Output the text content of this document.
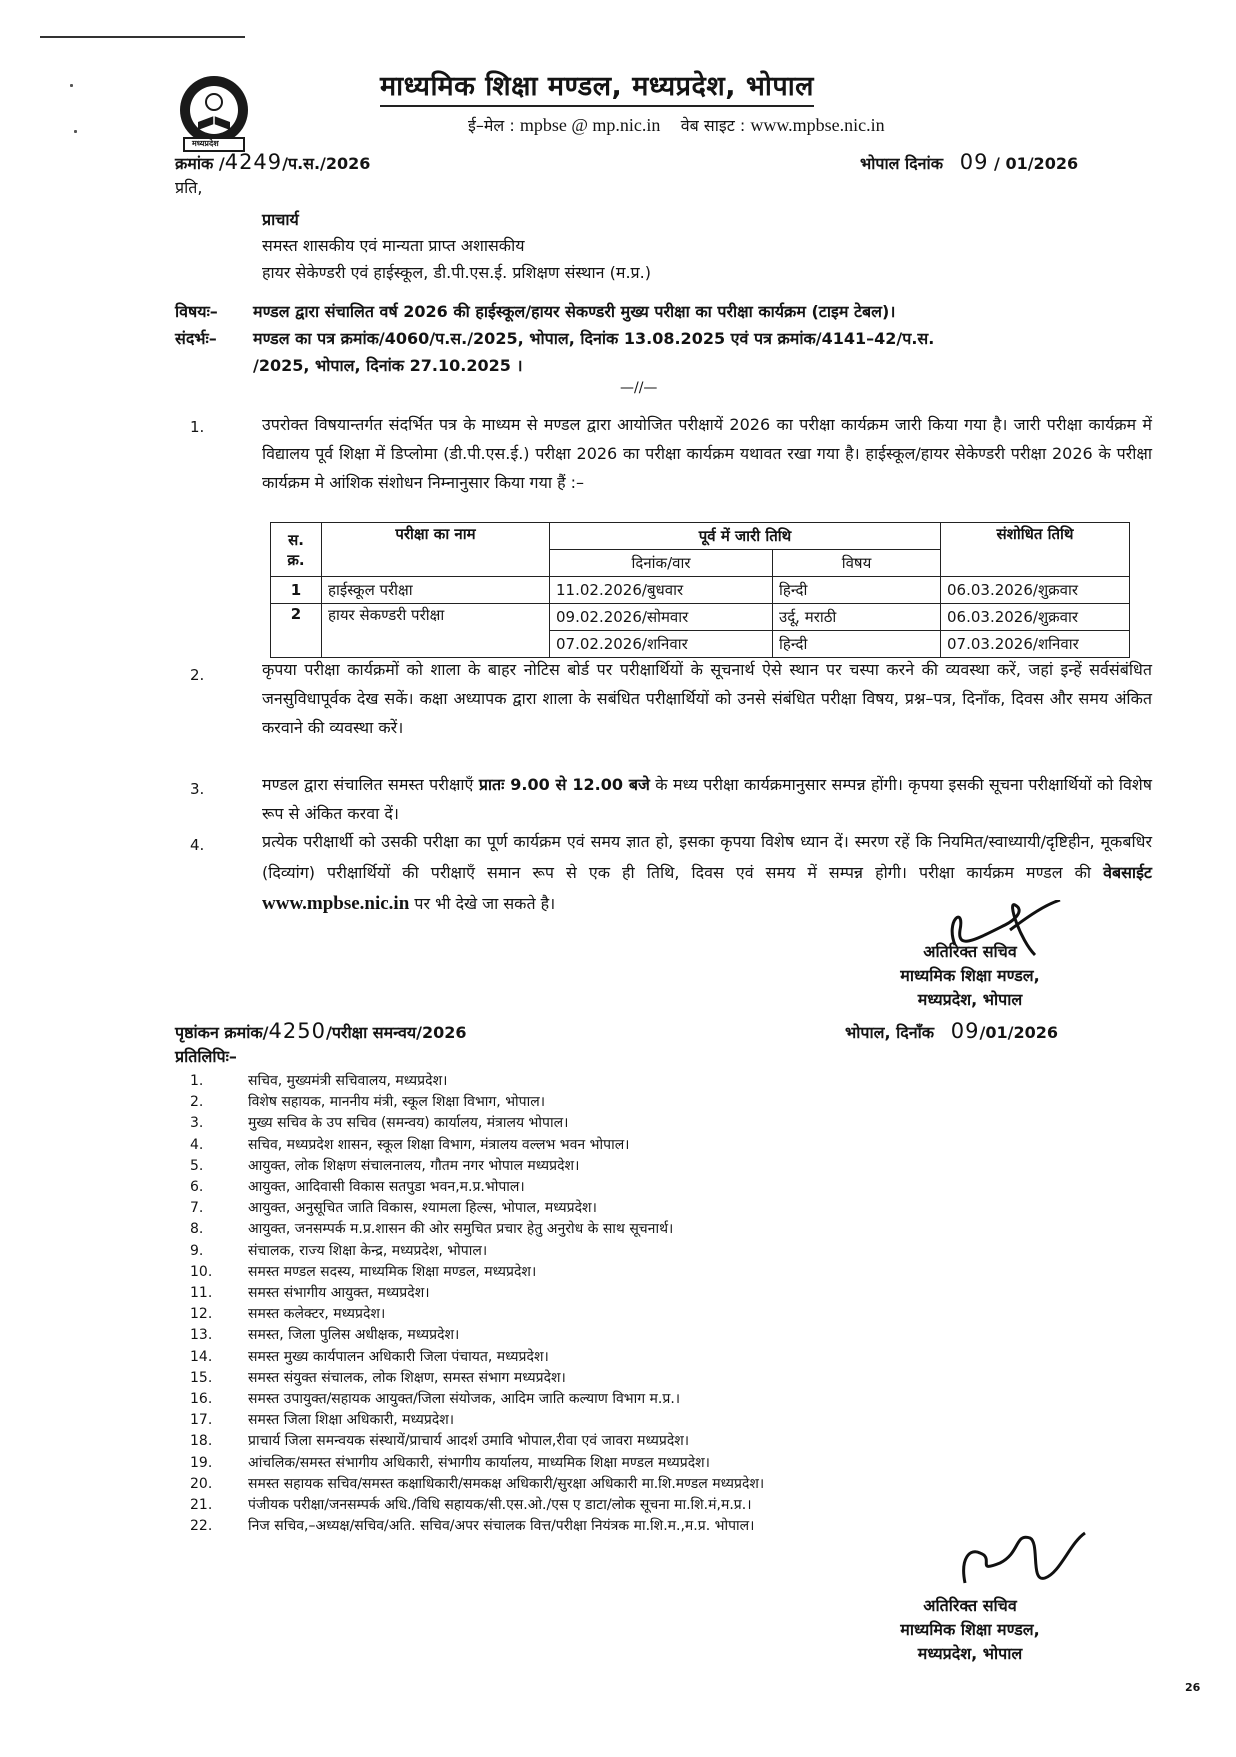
मध्यप्रदेश
माध्यमिक शिक्षा मण्डल, मध्यप्रदेश, भोपाल
ई–मेल : mpbse @ mp.nic.in वेब साइट : www.mpbse.nic.in
क्रमांक /4249/प.स./2026	भोपाल दिनांक 09 / 01/2026
प्रति,
प्राचार्य
समस्त शासकीय एवं मान्यता प्राप्त अशासकीय
हायर सेकेण्डरी एवं हाईस्कूल, डी.पी.एस.ई. प्रशिक्षण संस्थान (म.प्र.)
विषयः– मण्डल द्वारा संचालित वर्ष 2026 की हाईस्कूल/हायर सेकण्डरी मुख्य परीक्षा का परीक्षा कार्यक्रम (टाइम टेबल)।
संदर्भः– मण्डल का पत्र क्रमांक/4060/प.स./2025, भोपाल, दिनांक 13.08.2025 एवं पत्र क्रमांक/4141–42/प.स.
/2025, भोपाल, दिनांक 27.10.2025 ।
—//—
1.	उपरोक्त विषयान्तर्गत संदर्भित पत्र के माध्यम से मण्डल द्वारा आयोजित परीक्षायें 2026 का परीक्षा कार्यक्रम जारी किया गया है। जारी परीक्षा कार्यक्रम में विद्यालय पूर्व शिक्षा में डिप्लोमा (डी.पी.एस.ई.) परीक्षा 2026 का परीक्षा कार्यक्रम यथावत रखा गया है। हाईस्कूल/हायर सेकेण्डरी परीक्षा 2026 के परीक्षा कार्यक्रम मे आंशिक संशोधन निम्नानुसार किया गया हैं :–
स. क्र.	परीक्षा का नाम	पूर्व में जारी तिथि		संशोधित तिथि
		दिनांक/वार	विषय	
1	हाईस्कूल परीक्षा	11.02.2026/बुधवार	हिन्दी	06.03.2026/शुक्रवार
2	हायर सेकण्डरी परीक्षा	09.02.2026/सोमवार	उर्दू, मराठी	06.03.2026/शुक्रवार
		07.02.2026/शनिवार	हिन्दी	07.03.2026/शनिवार
2.	कृपया परीक्षा कार्यक्रमों को शाला के बाहर नोटिस बोर्ड पर परीक्षार्थियों के सूचनार्थ ऐसे स्थान पर चस्पा करने की व्यवस्था करें, जहां इन्हें सर्वसंबंधित जनसुविधापूर्वक देख सकें। कक्षा अध्यापक द्वारा शाला के सबंधित परीक्षार्थियों को उनसे संबंधित परीक्षा विषय, प्रश्न–पत्र, दिनाँक, दिवस और समय अंकित करवाने की व्यवस्था करें।
3.	मण्डल द्वारा संचालित समस्त परीक्षाएँ प्रातः 9.00 से 12.00 बजे के मध्य परीक्षा कार्यक्रमानुसार सम्पन्न होंगी। कृपया इसकी सूचना परीक्षार्थियों को विशेष रूप से अंकित करवा दें।
4.	प्रत्येक परीक्षार्थी को उसकी परीक्षा का पूर्ण कार्यक्रम एवं समय ज्ञात हो, इसका कृपया विशेष ध्यान दें। स्मरण रहें कि नियमित/स्वाध्यायी/दृष्टिहीन, मूकबधिर (दिव्यांग) परीक्षार्थियों की परीक्षाएँ समान रूप से एक ही तिथि, दिवस एवं समय में सम्पन्न होगी। परीक्षा कार्यक्रम मण्डल की वेबसाईट www.mpbse.nic.in पर भी देखे जा सकते है।
अतिरिक्त सचिव
माध्यमिक शिक्षा मण्डल,
मध्यप्रदेश, भोपाल
पृष्ठांकन क्रमांक/4250/परीक्षा समन्वय/2026	भोपाल, दिनाँक 09/01/2026
प्रतिलिपिः–
1.	सचिव, मुख्यमंत्री सचिवालय, मध्यप्रदेश।
2.	विशेष सहायक, माननीय मंत्री, स्कूल शिक्षा विभाग, भोपाल।
3.	मुख्य सचिव के उप सचिव (समन्वय) कार्यालय, मंत्रालय भोपाल।
4.	सचिव, मध्यप्रदेश शासन, स्कूल शिक्षा विभाग, मंत्रालय वल्लभ भवन भोपाल।
5.	आयुक्त, लोक शिक्षण संचालनालय, गौतम नगर भोपाल मध्यप्रदेश।
6.	आयुक्त, आदिवासी विकास सतपुडा भवन,म.प्र.भोपाल।
7.	आयुक्त, अनुसूचित जाति विकास, श्यामला हिल्स, भोपाल, मध्यप्रदेश।
8.	आयुक्त, जनसम्पर्क म.प्र.शासन की ओर समुचित प्रचार हेतु अनुरोध के साथ सूचनार्थ।
9.	संचालक, राज्य शिक्षा केन्द्र, मध्यप्रदेश, भोपाल।
10.	समस्त मण्डल सदस्य, माध्यमिक शिक्षा मण्डल, मध्यप्रदेश।
11.	समस्त संभागीय आयुक्त, मध्यप्रदेश।
12.	समस्त कलेक्टर, मध्यप्रदेश।
13.	समस्त, जिला पुलिस अधीक्षक, मध्यप्रदेश।
14.	समस्त मुख्य कार्यपालन अधिकारी जिला पंचायत, मध्यप्रदेश।
15.	समस्त संयुक्त संचालक, लोक शिक्षण, समस्त संभाग मध्यप्रदेश।
16.	समस्त उपायुक्त/सहायक आयुक्त/जिला संयोजक, आदिम जाति कल्याण विभाग म.प्र.।
17.	समस्त जिला शिक्षा अधिकारी, मध्यप्रदेश।
18.	प्राचार्य जिला समन्वयक संस्थायें/प्राचार्य आदर्श उमावि भोपाल,रीवा एवं जावरा मध्यप्रदेश।
19.	आंचलिक/समस्त संभागीय अधिकारी, संभागीय कार्यालय, माध्यमिक शिक्षा मण्डल मध्यप्रदेश।
20.	समस्त सहायक सचिव/समस्त कक्षाधिकारी/समकक्ष अधिकारी/सुरक्षा अधिकारी मा.शि.मण्डल मध्यप्रदेश।
21.	पंजीयक परीक्षा/जनसम्पर्क अधि./विधि सहायक/सी.एस.ओ./एस ए डाटा/लोक सूचना मा.शि.मं,म.प्र.।
22.	निज सचिव,–अध्यक्ष/सचिव/अति. सचिव/अपर संचालक वित्त/परीक्षा नियंत्रक मा.शि.म.,म.प्र. भोपाल।
अतिरिक्त सचिव
माध्यमिक शिक्षा मण्डल,
मध्यप्रदेश, भोपाल
26
